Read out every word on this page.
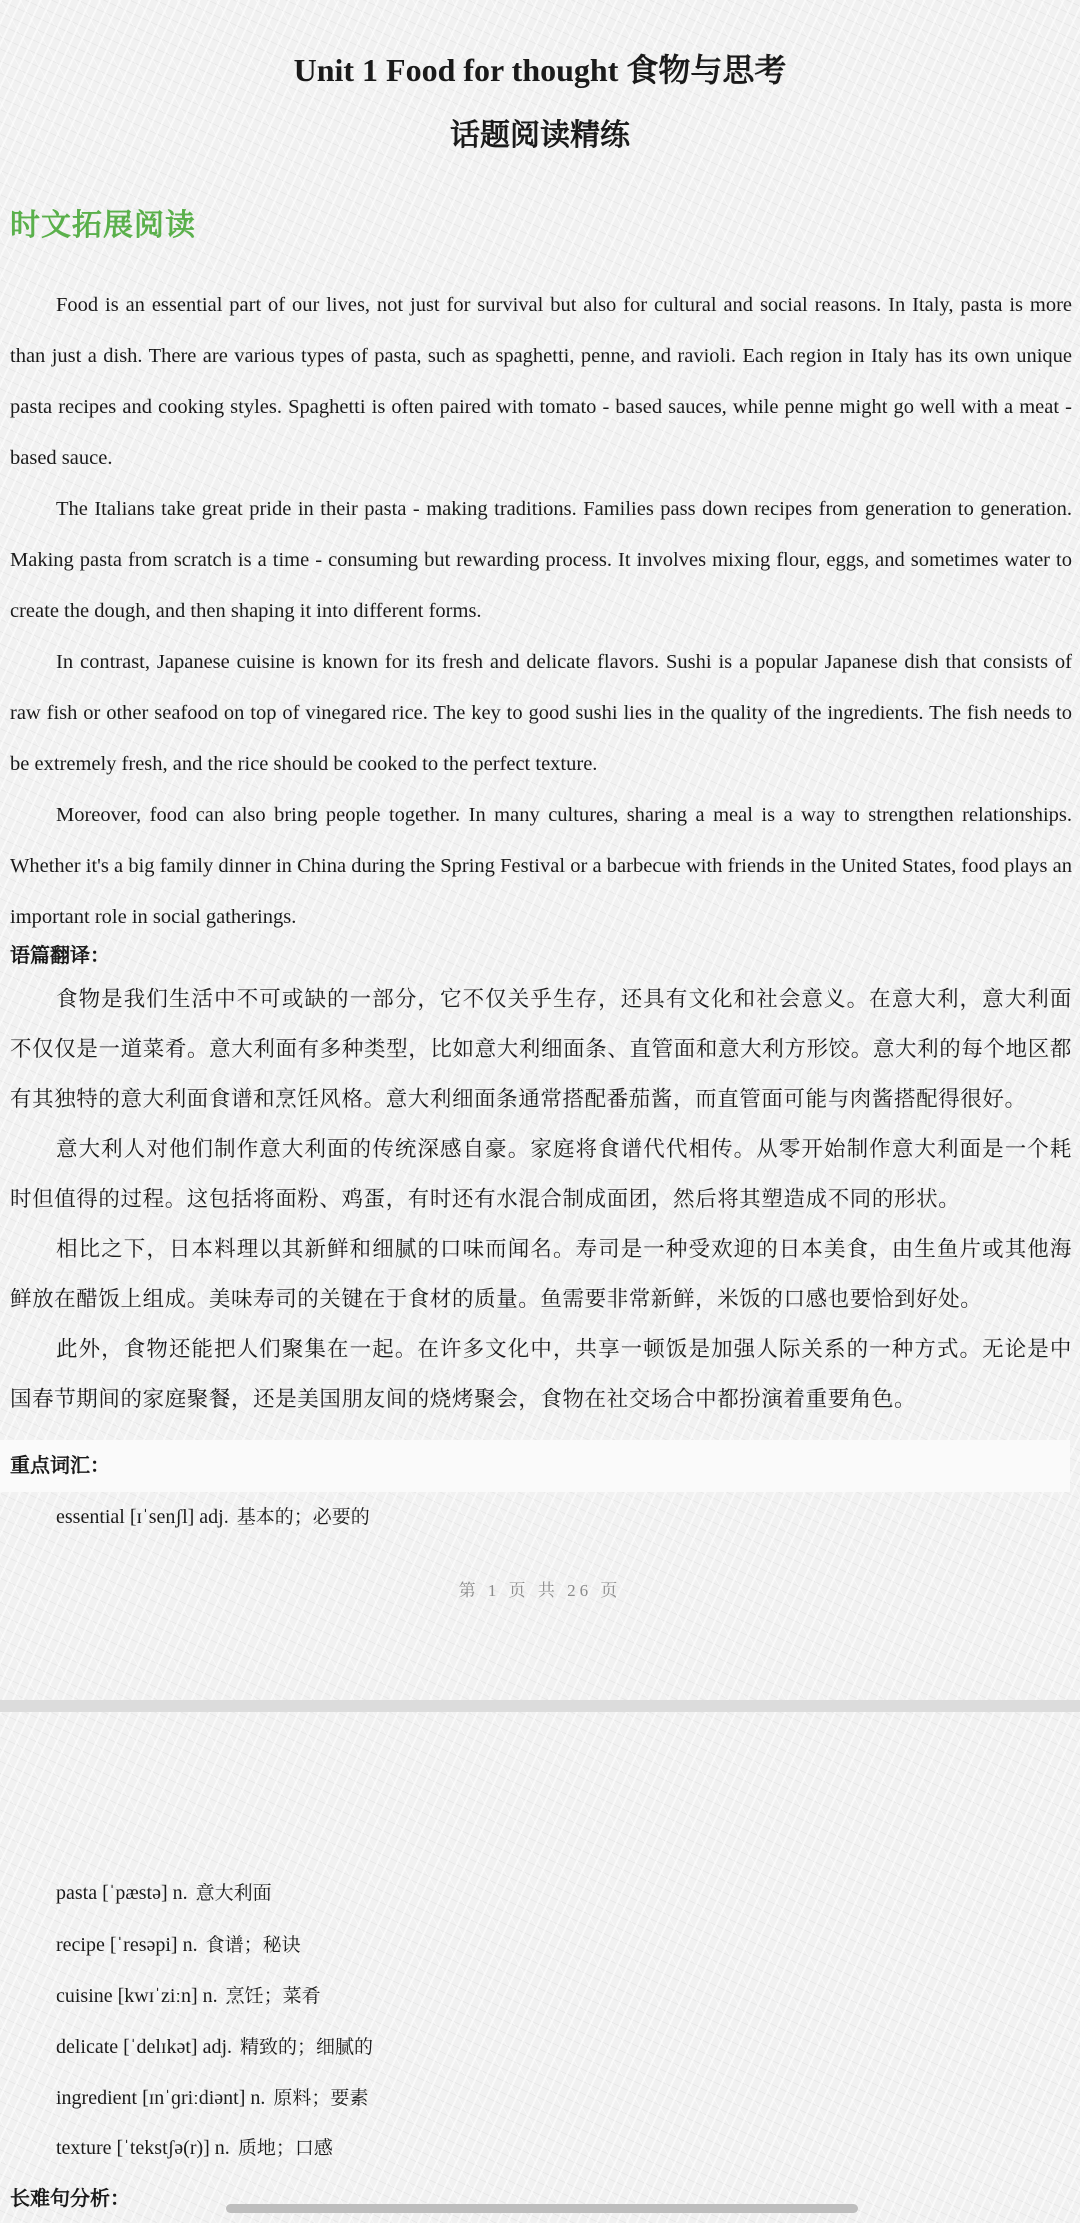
Unit 1 Food for thought 食物与思考
话题阅读精练
时文拓展阅读

Food is an essential part of our lives, not just for survival but also for cultural and social reasons. In Italy, pasta is more than just a dish. There are various types of pasta, such as spaghetti, penne, and ravioli. Each region in Italy has its own unique pasta recipes and cooking styles. Spaghetti is often paired with tomato - based sauces, while penne might go well with a meat - based sauce.

The Italians take great pride in their pasta - making traditions. Families pass down recipes from generation to generation. Making pasta from scratch is a time - consuming but rewarding process. It involves mixing flour, eggs, and sometimes water to create the dough, and then shaping it into different forms.

In contrast, Japanese cuisine is known for its fresh and delicate flavors. Sushi is a popular Japanese dish that consists of raw fish or other seafood on top of vinegared rice. The key to good sushi lies in the quality of the ingredients. The fish needs to be extremely fresh, and the rice should be cooked to the perfect texture.

Moreover, food can also bring people together. In many cultures, sharing a meal is a way to strengthen relationships. Whether it's a big family dinner in China during the Spring Festival or a barbecue with friends in the United States, food plays an important role in social gatherings.

语篇翻译：

食物是我们生活中不可或缺的一部分，它不仅关乎生存，还具有文化和社会意义。在意大利，意大利面不仅仅是一道菜肴。意大利面有多种类型，比如意大利细面条、直管面和意大利方形饺。意大利的每个地区都有其独特的意大利面食谱和烹饪风格。意大利细面条通常搭配番茄酱，而直管面可能与肉酱搭配得很好。

意大利人对他们制作意大利面的传统深感自豪。家庭将食谱代代相传。从零开始制作意大利面是一个耗时但值得的过程。这包括将面粉、鸡蛋，有时还有水混合制成面团，然后将其塑造成不同的形状。

相比之下，日本料理以其新鲜和细腻的口味而闻名。寿司是一种受欢迎的日本美食，由生鱼片或其他海鲜放在醋饭上组成。美味寿司的关键在于食材的质量。鱼需要非常新鲜，米饭的口感也要恰到好处。

此外，食物还能把人们聚集在一起。在许多文化中，共享一顿饭是加强人际关系的一种方式。无论是中国春节期间的家庭聚餐，还是美国朋友间的烧烤聚会，食物在社交场合中都扮演着重要角色。

重点词汇：
essential [ɪˈsenʃl] adj. 基本的；必要的
第 1 页 共 26 页
pasta [ˈpæstə] n. 意大利面
recipe [ˈresəpi] n. 食谱；秘诀
cuisine [kwɪˈziːn] n. 烹饪；菜肴
delicate [ˈdelɪkət] adj. 精致的；细腻的
ingredient [ɪnˈɡriːdiənt] n. 原料；要素
texture [ˈtekstʃə(r)] n. 质地；口感
长难句分析：
